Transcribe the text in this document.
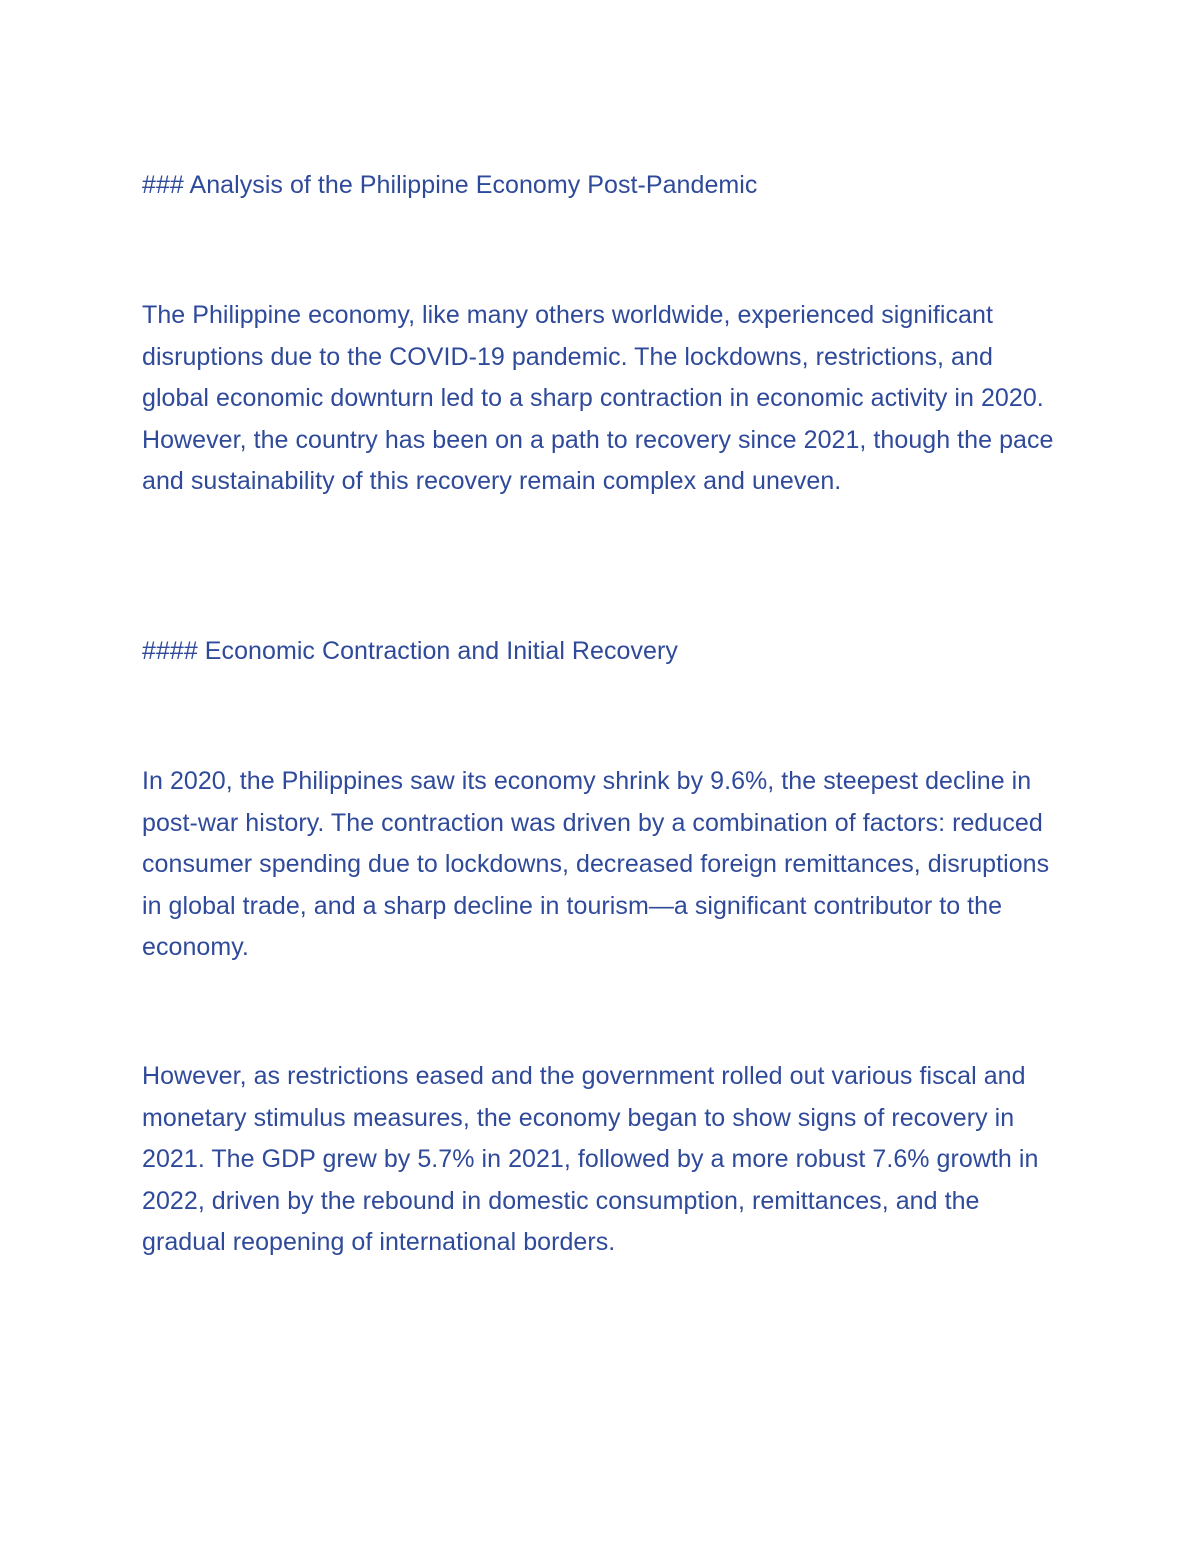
### Analysis of the Philippine Economy Post-Pandemic

The Philippine economy, like many others worldwide, experienced significant disruptions due to the COVID-19 pandemic. The lockdowns, restrictions, and global economic downturn led to a sharp contraction in economic activity in 2020. However, the country has been on a path to recovery since 2021, though the pace and sustainability of this recovery remain complex and uneven.

#### Economic Contraction and Initial Recovery

In 2020, the Philippines saw its economy shrink by 9.6%, the steepest decline in post-war history. The contraction was driven by a combination of factors: reduced consumer spending due to lockdowns, decreased foreign remittances, disruptions in global trade, and a sharp decline in tourism—a significant contributor to the economy.

However, as restrictions eased and the government rolled out various fiscal and monetary stimulus measures, the economy began to show signs of recovery in 2021. The GDP grew by 5.7% in 2021, followed by a more robust 7.6% growth in 2022, driven by the rebound in domestic consumption, remittances, and the gradual reopening of international borders.
